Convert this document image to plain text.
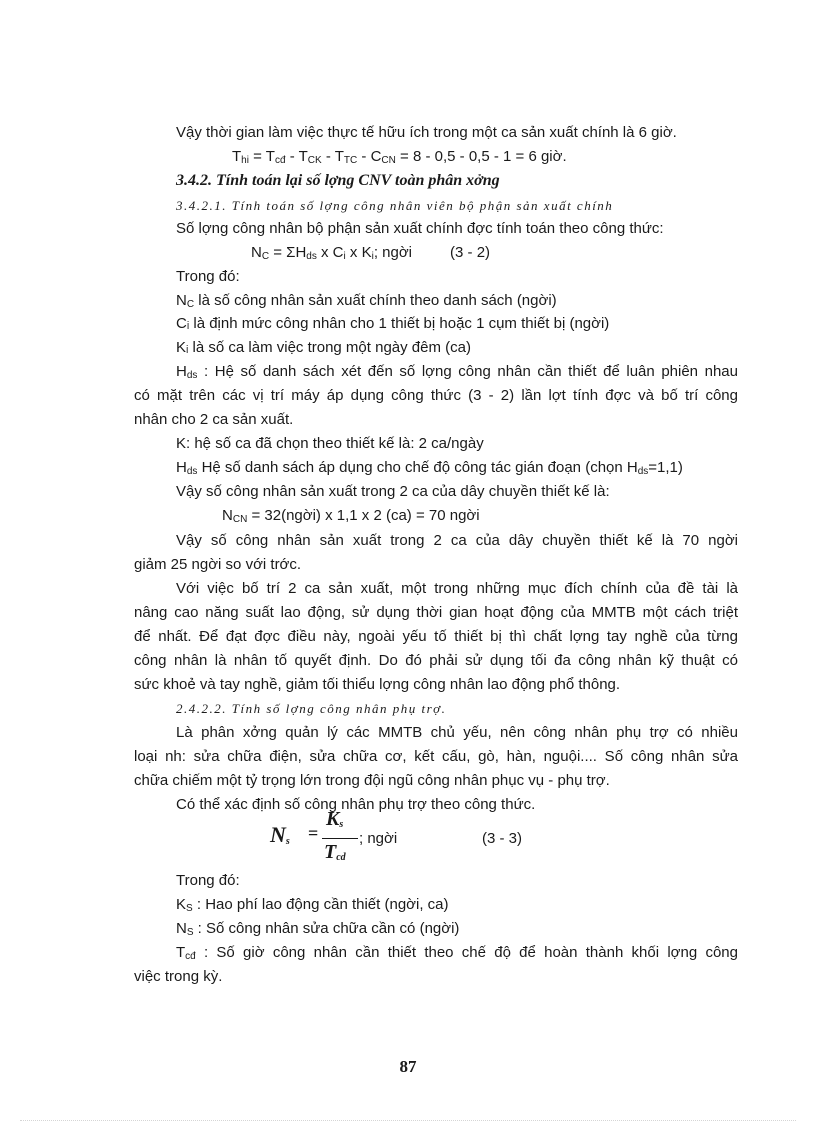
Vậy thời gian làm việc thực tế hữu ích trong một ca sản xuất chính là 6 giờ.
$T_{hi} = T_{cđ} - T_{CK} - T_{TC} - C_{CN} = 8 - 0,5 - 0,5 - 1 = 6$ giờ.
3.4.2. Tính toán lại số lợng CNV toàn phân xởng
3.4.2.1. Tính toán số lợng công nhân viên bộ phận sản xuất chính
Số lợng công nhân bộ phận sản xuất chính đợc tính toán theo công thức:
$N_C = \Sigma H_{ds}$ x $C_i$ x $K_i$; ngời	(3 - 2)
Trong đó:
$N_C$ là số công nhân sản xuất chính theo danh sách (ngời)
Cᵢ là định mức công nhân cho 1 thiết bị hoặc 1 cụm thiết bị (ngời)
Kᵢ là số ca làm việc trong một ngày đêm (ca)
$H_{ds}$ : Hệ số danh sách xét đến số lợng công nhân cần thiết để luân phiên nhau
có mặt trên các vị trí máy áp dụng công thức (3 - 2) lần lợt tính đợc và bố trí công
nhân cho 2 ca sản xuất.
K: hệ số ca đã chọn theo thiết kế là: 2 ca/ngày
$H_{ds}$ Hệ số danh sách áp dụng cho chế độ công tác gián đoạn (chọn $H_{ds}=1,1$)
Vậy số công nhân sản xuất trong 2 ca của dây chuyền thiết kế là:
$N_{CN}$ = 32(ngời) x 1,1 x 2 (ca) = 70 ngời
Vậy số công nhân sản xuất trong 2 ca của dây chuyền thiết kế là 70 ngời
giảm 25 ngời so với trớc.
Với việc bố trí 2 ca sản xuất, một trong những mục đích chính của đề tài là
nâng cao năng suất lao động, sử dụng thời gian hoạt động của MMTB một cách triệt
để nhất. Để đạt đợc điều này, ngoài yếu tố thiết bị thì chất lợng tay nghề của từng
công nhân là nhân tố quyết định. Do đó phải sử dụng tối đa công nhân kỹ thuật có
sức khoẻ và tay nghề, giảm tối thiểu lợng công nhân lao động phổ thông.
2.4.2.2. Tính số lợng công nhân phụ trợ.
Là phân xởng quản lý các MMTB chủ yếu, nên công nhân phụ trợ có nhiều
loại nh: sửa chữa điện, sửa chữa cơ, kết cấu, gò, hàn, nguội.... Số công nhân sửa
chữa chiếm một tỷ trọng lớn trong đội ngũ công nhân phục vụ - phụ trợ.
Có thể xác định số công nhân phụ trợ theo công thức.
$N_s$ =
$K_s$
$T_{cd}$
; ngời	(3 - 3)
Trong đó:
$K_S$ : Hao phí lao động cần thiết (ngời, ca)
$N_S$ : Số công nhân sửa chữa cần có (ngời)
$T_{cđ}$ : Số giờ công nhân cần thiết theo chế độ để hoàn thành khối lợng công
việc trong kỳ.
87
